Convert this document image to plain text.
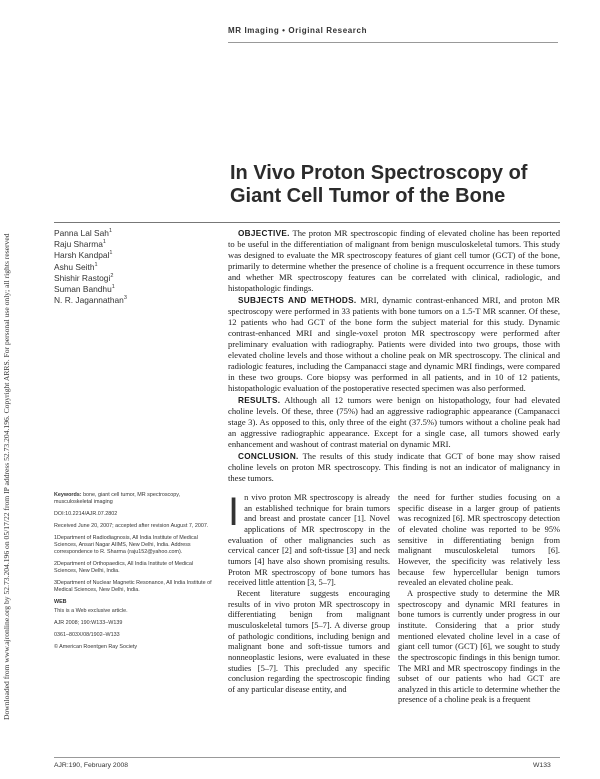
Downloaded from www.ajronline.org by 52.73.204.196 on 05/17/22 from IP address 52.73.204.196. Copyright ARRS. For personal use only; all rights reserved
MR Imaging • Original Research
In Vivo Proton Spectroscopy of
Giant Cell Tumor of the Bone
Panna Lal Sah$^1$
Raju Sharma$^1$
Harsh Kandpal$^1$
Ashu Seith$^1$
Shishir Rastogi$^2$
Suman Bandhu$^1$
N. R. Jagannathan$^3$

OBJECTIVE. The proton MR spectroscopic finding of elevated choline has been reported to be useful in the differentiation of malignant from benign musculoskeletal tumors. This study was designed to evaluate the MR spectroscopy features of giant cell tumor (GCT) of the bone, primarily to determine whether the presence of choline is a frequent occurrence in these tumors and whether MR spectroscopy features can be correlated with clinical, radiologic, and histopathologic findings.

SUBJECTS AND METHODS. MRI, dynamic contrast-enhanced MRI, and proton MR spectroscopy were performed in 33 patients with bone tumors on a 1.5-T MR scanner. Of these, 12 patients who had GCT of the bone form the subject material for this study. Dynamic contrast-enhanced MRI and single-voxel proton MR spectroscopy were performed after preliminary evaluation with radiography. Patients were divided into two groups, those with elevated choline levels and those without a choline peak on MR spectroscopy. The clinical and radiologic features, including the Campanacci stage and dynamic MRI findings, were compared in these two groups. Core biopsy was performed in all patients, and in 10 of 12 patients, histopathologic evaluation of the postoperative resected specimen was also performed.

RESULTS. Although all 12 tumors were benign on histopathology, four had elevated choline levels. Of these, three (75%) had an aggressive radiographic appearance (Campanacci stage 3). As opposed to this, only three of the eight (37.5%) tumors without a choline peak had an aggressive radiographic appearance. Except for a single case, all tumors showed early enhancement and washout of contrast material on dynamic MRI.

CONCLUSION. The results of this study indicate that GCT of bone may show raised choline levels on proton MR spectroscopy. This finding is not an indicator of malignancy in these tumors.

Keywords: bone, giant cell tumor, MR spectroscopy, musculoskeletal imaging

DOI:10.2214/AJR.07.2802

Received June 20, 2007; accepted after revision August 7, 2007.

1Department of Radiodiagnosis, All India Institute of Medical Sciences, Ansari Nagar AIIMS, New Delhi, India. Address correspondence to R. Sharma (raju152@yahoo.com).

2Department of Orthopaedics, All India Institute of Medical Sciences, New Delhi, India.

3Department of Nuclear Magnetic Resonance, All India Institute of Medical Sciences, New Delhi, India.

WEB

This is a Web exclusive article.

AJR 2008; 190:W133–W139

0361–803X/08/1902–W133

© American Roentgen Ray Society

In vivo proton MR spectroscopy is already an established technique for brain tumors and breast and prostate cancer [1]. Novel applications of MR spectroscopy in the evaluation of other malignancies such as cervical cancer [2] and soft-tissue [3] and neck tumors [4] have also shown promising results. Proton MR spectroscopy of bone tumors has received little attention [3, 5–7].

Recent literature suggests encouraging results of in vivo proton MR spectroscopy in differentiating benign from malignant musculoskeletal tumors [5–7]. A diverse group of pathologic conditions, including benign and malignant bone and soft-tissue tumors and nonneoplastic lesions, were evaluated in these studies [5–7]. This precluded any specific conclusion regarding the spectroscopic finding of any particular disease entity, and

the need for further studies focusing on a specific disease in a larger group of patients was recognized [6]. MR spectroscopy detection of elevated choline was reported to be 95% sensitive in differentiating benign from malignant musculoskeletal tumors [6]. However, the specificity was relatively less because few hypercellular benign tumors revealed an elevated choline peak.

A prospective study to determine the MR spectroscopy and dynamic MRI features in bone tumors is currently under progress in our institute. Considering that a prior study mentioned elevated choline level in a case of giant cell tumor (GCT) [6], we sought to study the spectroscopic findings in this benign tumor. The MRI and MR spectroscopy findings in the subset of our patients who had GCT are analyzed in this article to determine whether the presence of a choline peak is a frequent

AJR:190, February 2008	W133
